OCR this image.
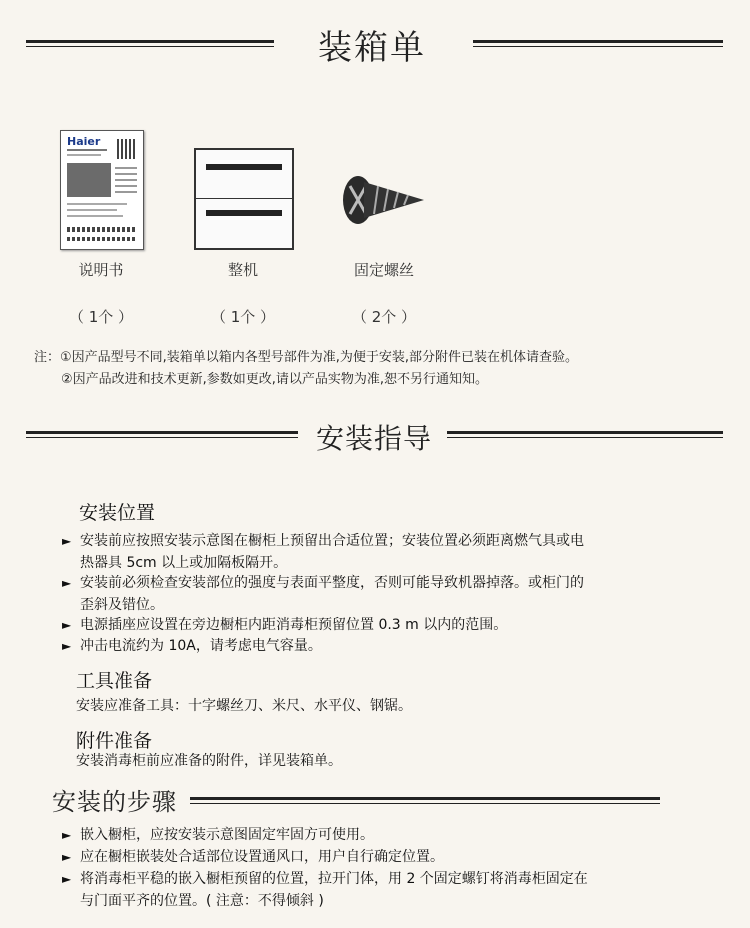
装箱单
Haier
说明书	整机	固定螺丝
（ 1个 ）	（ 1个 ）	（ 2个 ）
注：①因产品型号不同,装箱单以箱内各型号部件为准,为便于安装,部分附件已装在机体请查验。
②因产品改进和技术更新,参数如更改,请以产品实物为准,恕不另行通知知。
安装指导
安装位置
► 安装前应按照安装示意图在橱柜上预留出合适位置；安装位置必须距离燃气具或电
热器具 5cm 以上或加隔板隔开。
► 安装前必须检查安装部位的强度与表面平整度，否则可能导致机器掉落。或柜门的
歪斜及错位。
► 电源插座应设置在旁边橱柜内距消毒柜预留位置 0.3 m 以内的范围。
► 冲击电流约为 10A，请考虑电气容量。
工具准备
安装应准备工具：十字螺丝刀、米尺、水平仪、钢锯。
附件准备
安装消毒柜前应准备的附件，详见装箱单。
安装的步骤
► 嵌入橱柜，应按安装示意图固定牢固方可使用。
► 应在橱柜嵌装处合适部位设置通风口，用户自行确定位置。
► 将消毒柜平稳的嵌入橱柜预留的位置，拉开门体，用 2 个固定螺钉将消毒柜固定在
与门面平齐的位置。( 注意：不得倾斜 )
